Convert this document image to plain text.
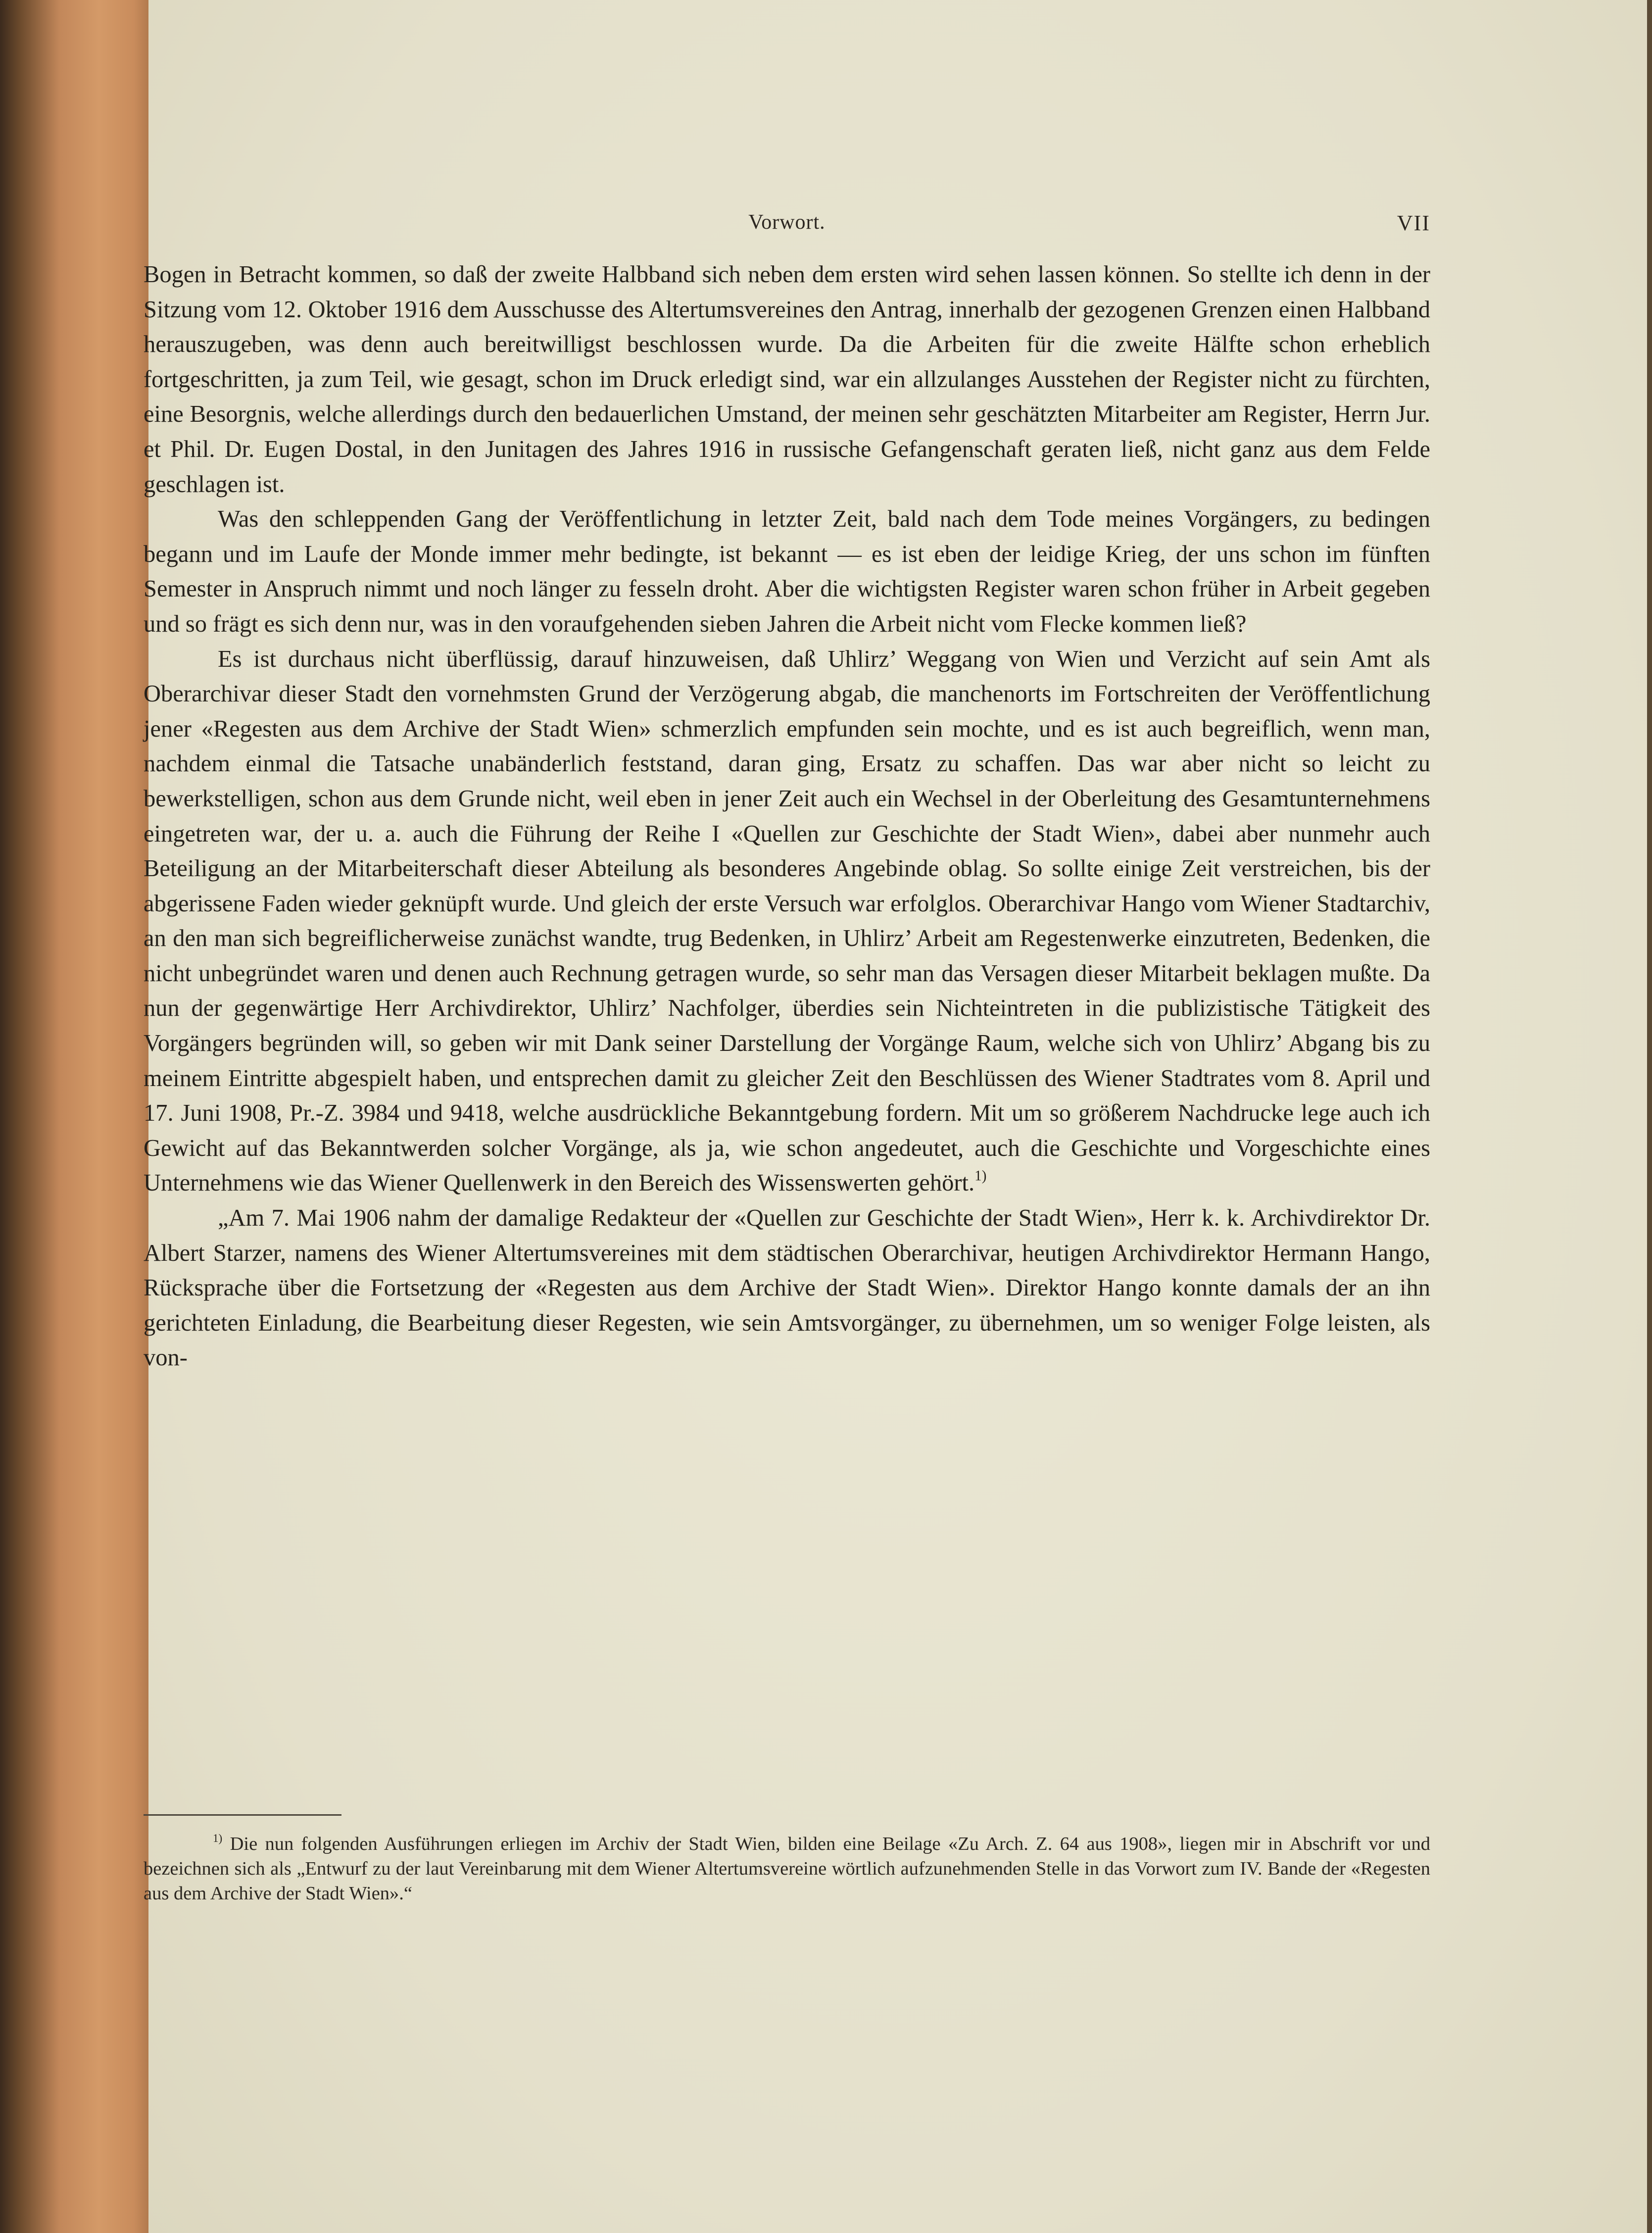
Vorwort.	VII

Bogen in Betracht kommen, so daß der zweite Halbband sich neben dem ersten wird sehen lassen können. So stellte ich denn in der Sitzung vom 12. Oktober 1916 dem Ausschusse des Altertumsvereines den Antrag, innerhalb der gezogenen Grenzen einen Halbband herauszugeben, was denn auch bereitwilligst beschlossen wurde. Da die Arbeiten für die zweite Hälfte schon erheblich fortgeschritten, ja zum Teil, wie gesagt, schon im Druck erledigt sind, war ein allzulanges Ausstehen der Register nicht zu fürchten, eine Besorgnis, welche allerdings durch den bedauerlichen Umstand, der meinen sehr geschätzten Mitarbeiter am Register, Herrn Jur. et Phil. Dr. Eugen Dostal, in den Junitagen des Jahres 1916 in russische Gefangenschaft geraten ließ, nicht ganz aus dem Felde geschlagen ist.

Was den schleppenden Gang der Veröffentlichung in letzter Zeit, bald nach dem Tode meines Vorgängers, zu bedingen begann und im Laufe der Monde immer mehr bedingte, ist bekannt — es ist eben der leidige Krieg, der uns schon im fünften Semester in Anspruch nimmt und noch länger zu fesseln droht. Aber die wichtigsten Register waren schon früher in Arbeit gegeben und so frägt es sich denn nur, was in den voraufgehenden sieben Jahren die Arbeit nicht vom Flecke kommen ließ?

Es ist durchaus nicht überflüssig, darauf hinzuweisen, daß Uhlirz’ Weggang von Wien und Verzicht auf sein Amt als Oberarchivar dieser Stadt den vornehmsten Grund der Verzögerung abgab, die manchenorts im Fortschreiten der Veröffentlichung jener «Regesten aus dem Archive der Stadt Wien» schmerzlich empfunden sein mochte, und es ist auch begreiflich, wenn man, nachdem einmal die Tatsache unabänderlich feststand, daran ging, Ersatz zu schaffen. Das war aber nicht so leicht zu bewerkstelligen, schon aus dem Grunde nicht, weil eben in jener Zeit auch ein Wechsel in der Oberleitung des Gesamtunternehmens eingetreten war, der u. a. auch die Führung der Reihe I «Quellen zur Geschichte der Stadt Wien», dabei aber nunmehr auch Beteiligung an der Mitarbeiterschaft dieser Abteilung als besonderes Angebinde oblag. So sollte einige Zeit verstreichen, bis der abgerissene Faden wieder geknüpft wurde. Und gleich der erste Versuch war erfolglos. Oberarchivar Hango vom Wiener Stadtarchiv, an den man sich begreiflicherweise zunächst wandte, trug Bedenken, in Uhlirz’ Arbeit am Regestenwerke einzutreten, Bedenken, die nicht unbegründet waren und denen auch Rechnung getragen wurde, so sehr man das Versagen dieser Mitarbeit beklagen mußte. Da nun der gegenwärtige Herr Archivdirektor, Uhlirz’ Nachfolger, überdies sein Nichteintreten in die publizistische Tätigkeit des Vorgängers begründen will, so geben wir mit Dank seiner Darstellung der Vorgänge Raum, welche sich von Uhlirz’ Abgang bis zu meinem Eintritte abgespielt haben, und entsprechen damit zu gleicher Zeit den Beschlüssen des Wiener Stadtrates vom 8. April und 17. Juni 1908, Pr.-Z. 3984 und 9418, welche ausdrückliche Bekanntgebung fordern. Mit um so größerem Nachdrucke lege auch ich Gewicht auf das Bekanntwerden solcher Vorgänge, als ja, wie schon angedeutet, auch die Geschichte und Vorgeschichte eines Unternehmens wie das Wiener Quellenwerk in den Bereich des Wissenswerten gehört.$^{1)}$

„Am 7. Mai 1906 nahm der damalige Redakteur der «Quellen zur Geschichte der Stadt Wien», Herr k. k. Archivdirektor Dr. Albert Starzer, namens des Wiener Altertumsvereines mit dem städtischen Oberarchivar, heutigen Archivdirektor Hermann Hango, Rücksprache über die Fortsetzung der «Regesten aus dem Archive der Stadt Wien». Direktor Hango konnte damals der an ihn gerichteten Einladung, die Bearbeitung dieser Regesten, wie sein Amtsvorgänger, zu übernehmen, um so weniger Folge leisten, als von-

$^{1)}$ Die nun folgenden Ausführungen erliegen im Archiv der Stadt Wien, bilden eine Beilage «Zu Arch. Z. 64 aus 1908», liegen mir in Abschrift vor und bezeichnen sich als „Entwurf zu der laut Vereinbarung mit dem Wiener Altertumsvereine wörtlich aufzunehmenden Stelle in das Vorwort zum IV. Bande der «Regesten aus dem Archive der Stadt Wien».“
